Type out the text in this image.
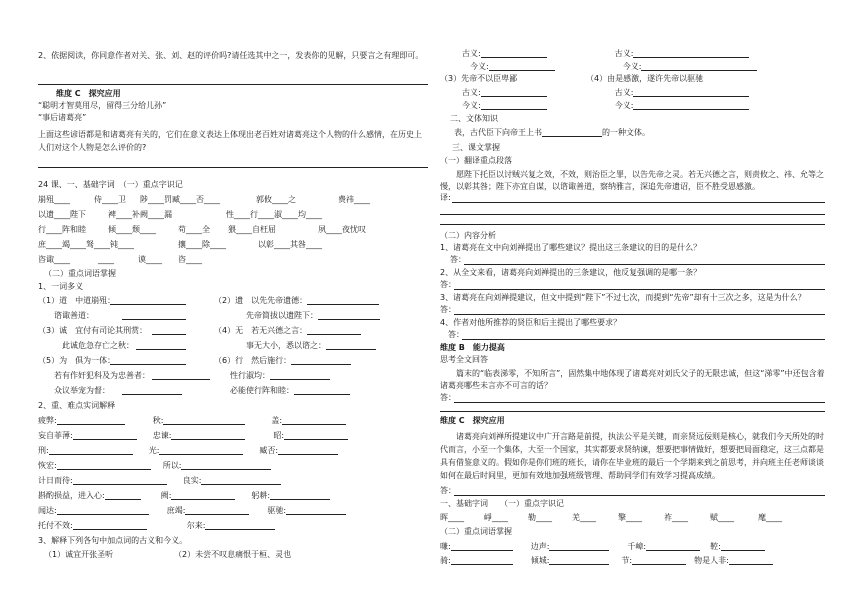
2、依据阅读，你同意作者对关、张、刘、赵的评价吗?请任选其中之一，发表你的见解，只要言之有理即可。
维度 C　探究应用
“聪明才智莫用尽，留得三分给儿孙”
“事后诸葛亮”
上面这些谚语都是和诸葛亮有关的，它们在意义表达上体现出老百姓对诸葛亮这个人物的什么感情，在历史上人们对这个人物是怎么评价的?
24 课、一、基础字词　（一）重点字识记
崩殂____	侍____卫 陟____罚臧____否____	郭攸____之	费祎____
以遗____陛下	裨____补阙____漏	性____行____淑____均____
行____阵和睦	倾____颓____	苟____全 猥____自枉屈	夙____夜忧叹
庶____竭____驽____钝____	攘____除____	以彰____其咎____
咨诹____	____	谟____ 咨____
（二）重点词语掌握
1、一词多义
（1）道　中道崩殂：	（2）遗　以先先帝遗德：
　　谘诹善道：	　　　　先帝简拔以遗陛下：
（3）诚　宜付有司论其刑赏：	（4）无　若无兴德之言：
　　　此诚危急存亡之秋：	　　　　事无大小，悉以谘之：
（5）为　俱为一体：	（6）行　然后施行：
　　若有作奸犯科及为忠善者：	　　性行淑均：
　　众议举宠为督：	　　必能使行阵和睦：
2、重、难点实词解释
疲弊:	秋:	盖:
妄自菲薄:	忠谏:	昭:
刑:	光:	臧否:
恢宏:	所以:
计日而待:	良实:
斟酌损益，进入心:	阙:	躬耕:
闻达:	庶竭:	驱驰:
托付不效:	尔来:
3、解释下列各句中加点词的古义和今义。
（1）诚宜开张圣听	（2）未尝不叹息痛恨于桓、灵也
古义:	古义:
今义:	今义:
（3）先帝不以臣卑鄙	（4）由是感激，遂许先帝以驱驰
古义:	古义:
今义:	今义:
二、文体知识
表，古代臣下向帝王上书	的一种文体。
三、课文掌握
（一）翻译重点段落
愿陛下托臣以讨贼兴复之效，不效，则治臣之罪，以告先帝之灵。若无兴德之言，则责攸之、祎、允等之慢，以彰其咎；陛下亦宜自谋，以谘诹善道，察纳雅言，深追先帝遗诏，臣不胜受恩感激。
译:
（二）内容分析
1、诸葛亮在文中向刘禅提出了哪些建议？提出这三条建议的目的是什么？
答：
2、从全文来看，诸葛亮向刘禅提出的三条建议，他反复强调的是哪一条？
答：
3、诸葛亮在向刘禅提建议，但文中提到“陛下”不过七次，而提到“先帝”却有十三次之多，这是为什么？
答：
4、作者对他所推荐的贤臣和后主提出了哪些要求？
答：
维度 B　能力提高
思考全文回答
篇末的“临表涕零，不知所言”，固然集中地体现了诸葛亮对刘氏父子的无限忠诚，但这“涕零”中还包含着诸葛亮哪些未言亦不可言的话？
答：
维度 C　探究应用
诸葛亮向刘禅所提建议中广开言路是前提，执法公平是关键，而亲贤远佞则是核心，就我们今天所处的时代而言，小至一个集体，大至一个国家，其实都要求贤纳谏，想要把事情做好，想要把局面稳定，这三点都是具有借鉴意义的。假如你是你们班的班长，请你在毕业班的最后一个学期来到之前思考，并向班主任老师谈谈如何在最后时间里，更加有效地加强班级管理、帮助同学们有效学习提高成绩。
答：
一、基础字词　　（一）重点字识记
晖____	崢____	勒____	羌____	擎____	祚____	赋____	麾____
（二）重点词语掌握
嗛:	边声:	千嶂:	鞚:
骑:	倾城:	节:	物是人非:
